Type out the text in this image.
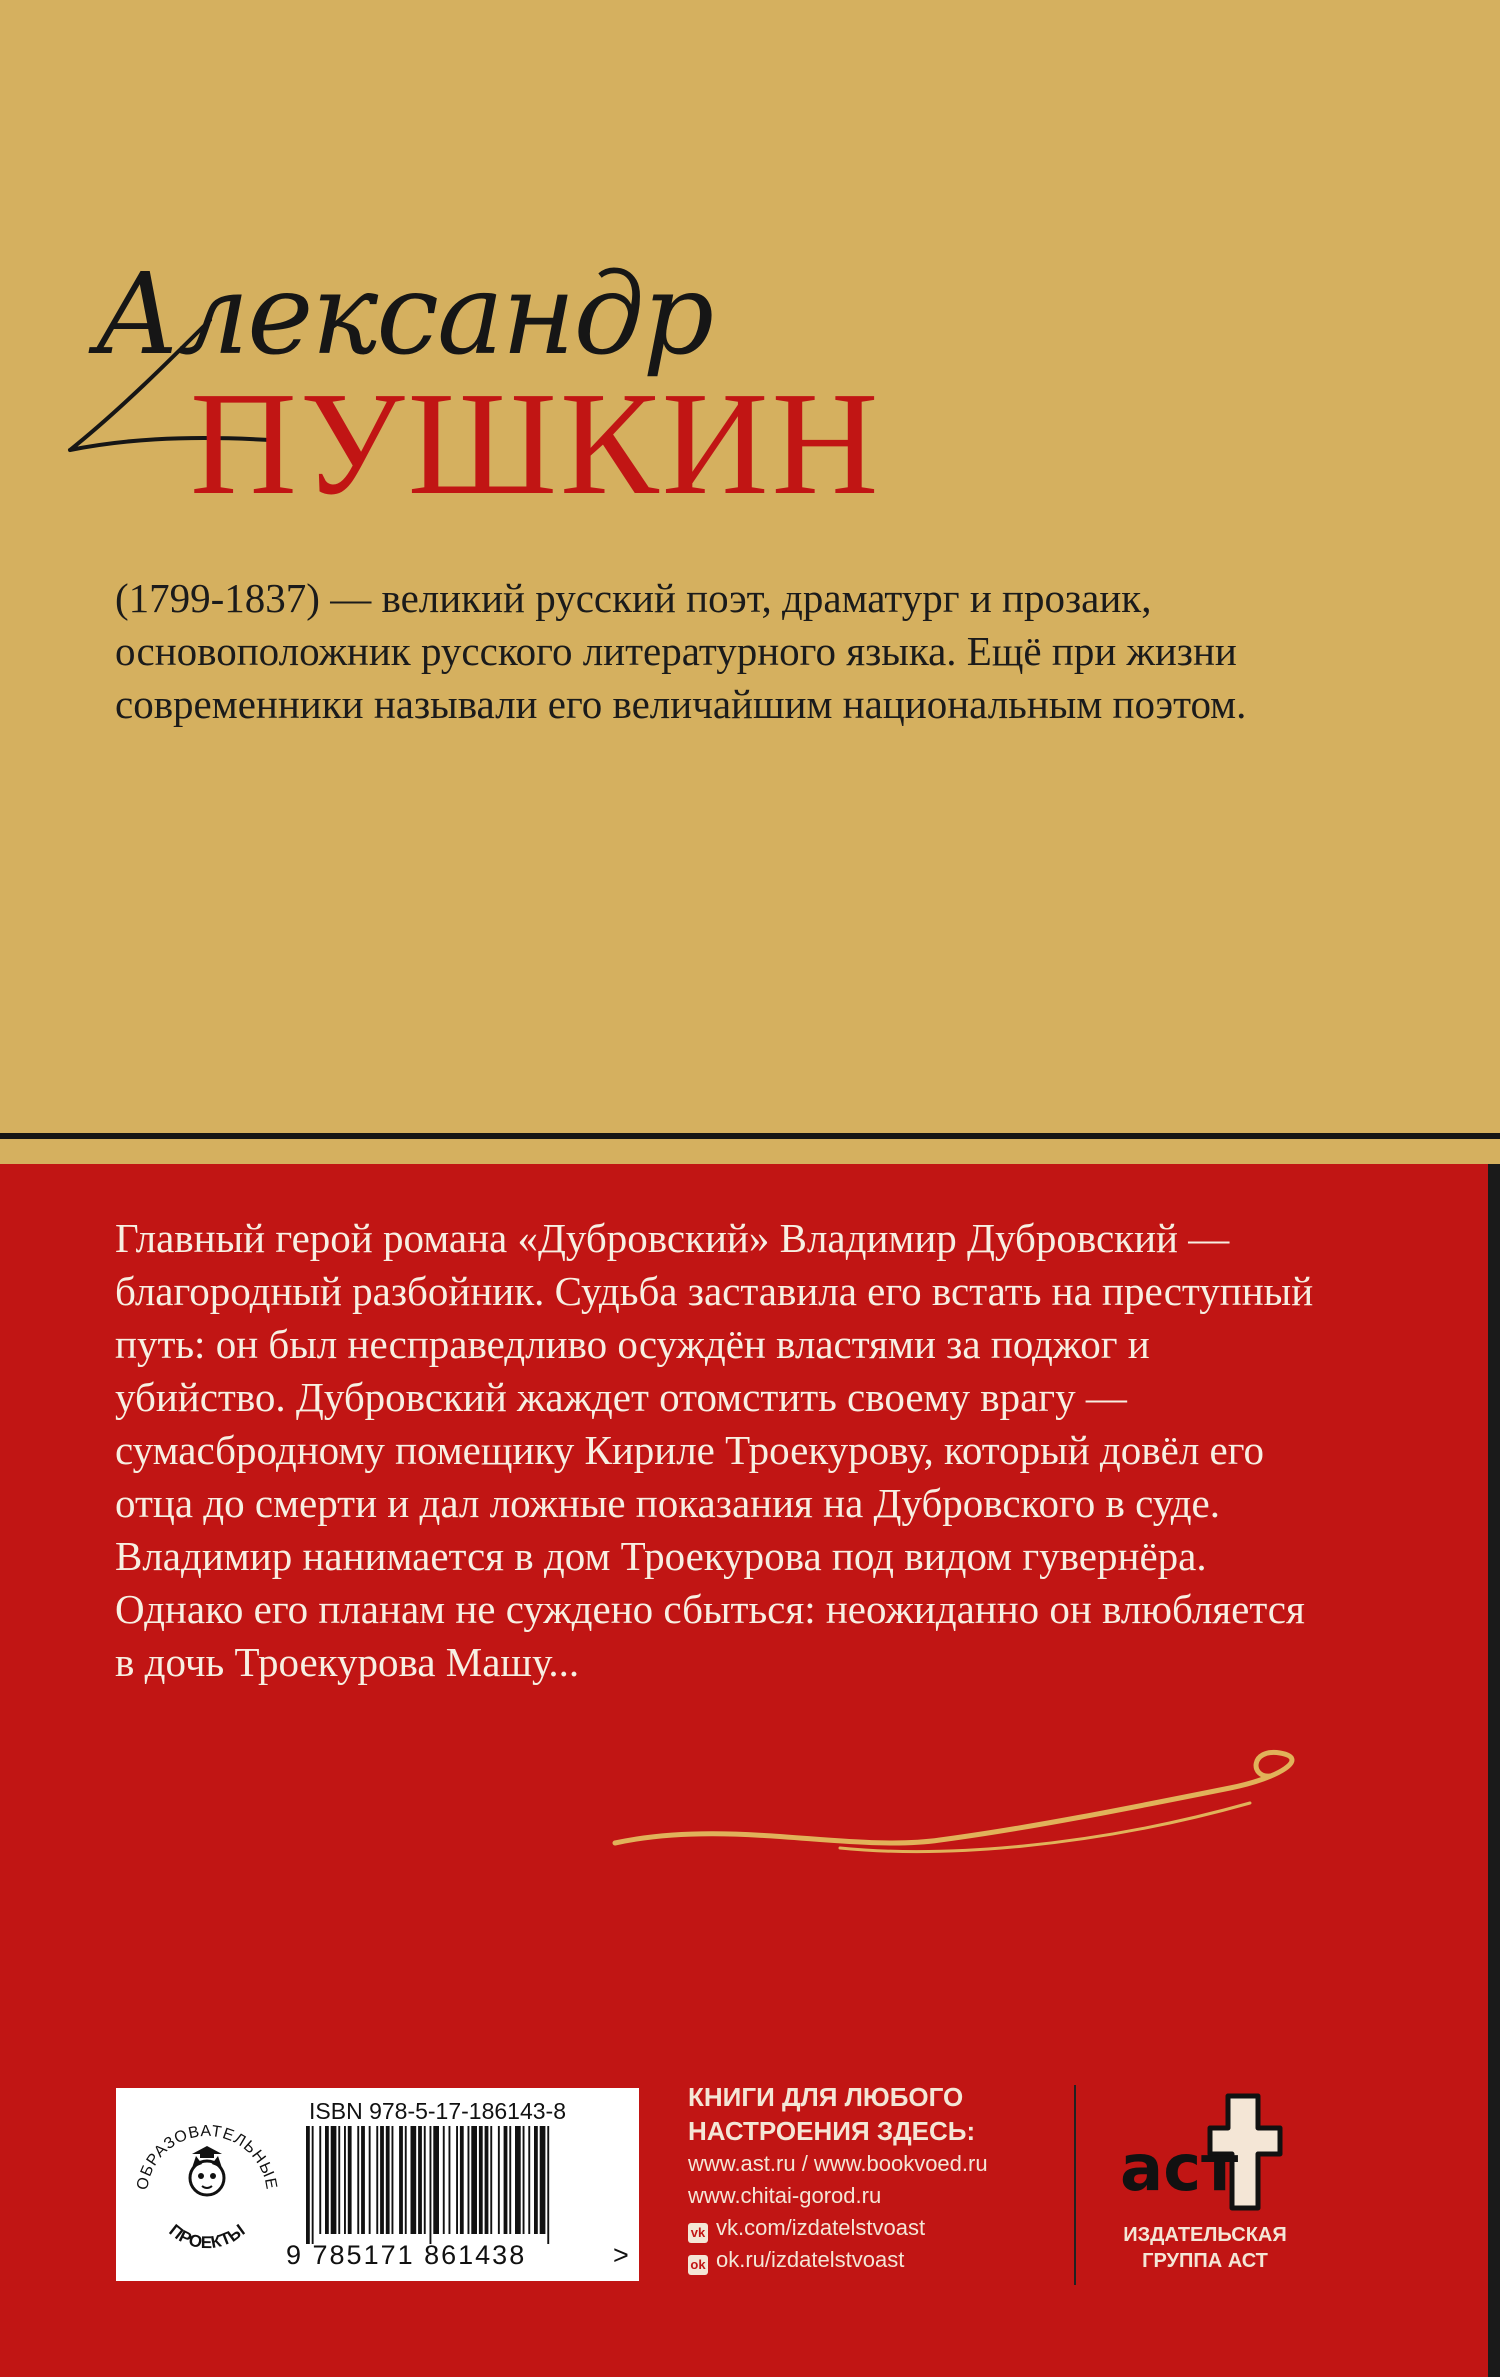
Александр
ПУШКИН
(1799-1837) — великий русский поэт, драматург и прозаик, основоположник русского литературного языка. Ещё при жизни современники называли его величайшим национальным поэтом.
Главный герой романа «Дубровский» Владимир Дубровский — благородный разбойник. Судьба заставила его встать на преступный путь: он был несправедливо осуждён властями за поджог и убийство. Дубровский жаждет отомстить своему врагу — сумасбродному помещику Кириле Троекурову, который довёл его отца до смерти и дал ложные показания на Дубровского в суде. Владимир нанимается в дом Троекурова под видом гувернёра. Однако его планам не суждено сбыться: неожиданно он влюбляется в дочь Троекурова Машу...
ОБРАЗОВАТЕЛЬНЫЕ
ПРОЕКТЫ
ISBN 978-5-17-186143-8
9 785171 861438	>
КНИГИ ДЛЯ ЛЮБОГО
НАСТРОЕНИЯ ЗДЕСЬ:
www.ast.ru / www.bookvoed.ru
www.chitai-gorod.ru
vk vk.com/izdatelstvoast
ok ok.ru/izdatelstvoast
аст
ИЗДАТЕЛЬСКАЯ
ГРУППА АСТ
